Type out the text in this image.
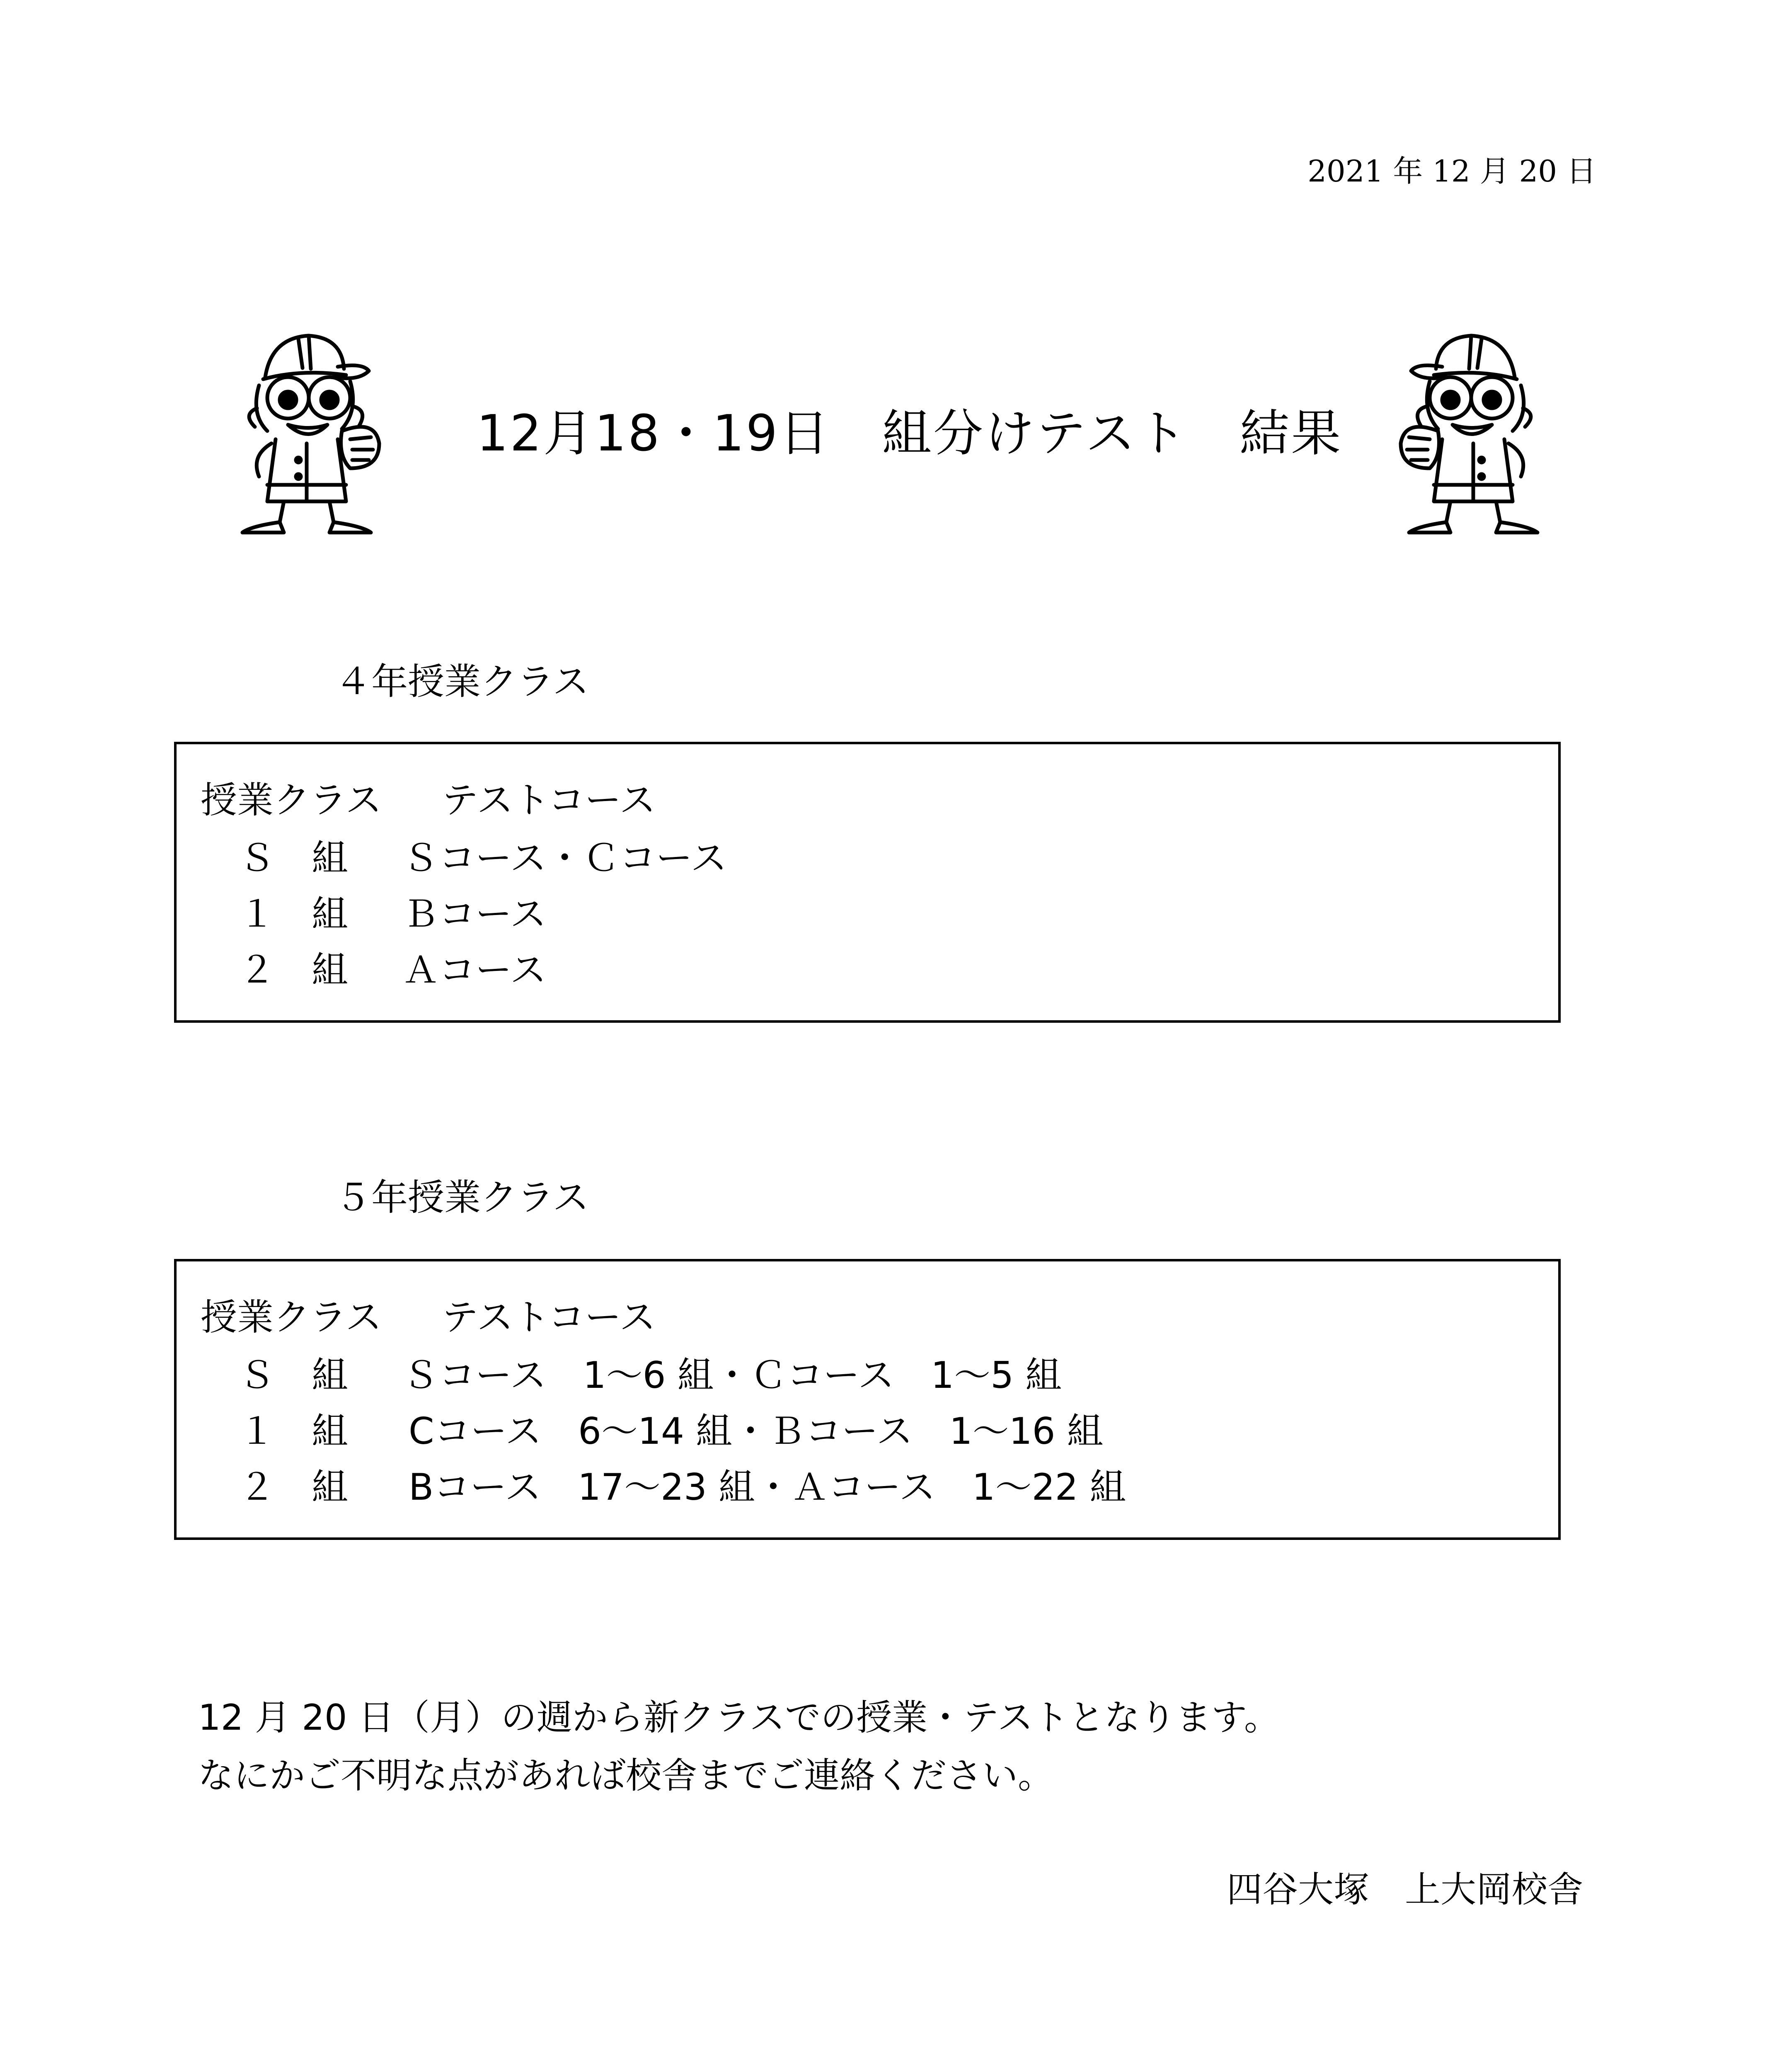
2021 年 12 月 20 日
12月18・19日　組分けテスト　結果
４年授業クラス
授業クラス テストコース
Ｓ　組 Ｓコース・Ｃコース
１　組 Ｂコース
２　組 Ａコース
５年授業クラス
授業クラス テストコース
Ｓ　組 Ｓコース　1～6 組・Ｃコース　1～5 組
１　組 Cコース　6～14 組・Ｂコース　1～16 組
２　組 Bコース　17～23 組・Ａコース　1～22 組
12 月 20 日（月）の週から新クラスでの授業・テストとなります。
なにかご不明な点があれば校舎までご連絡ください。
四谷大塚　上大岡校舎
